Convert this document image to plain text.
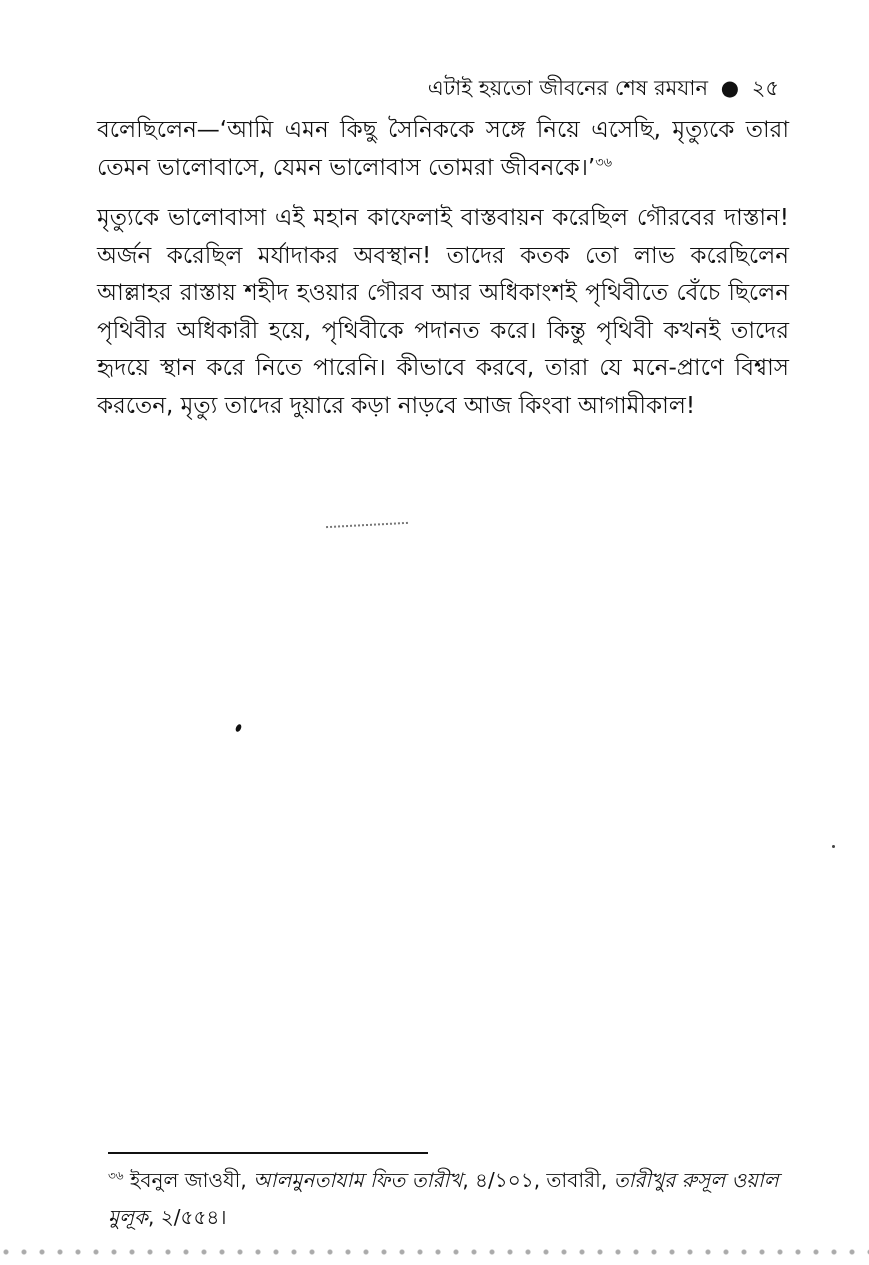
এটাই হয়তো জীবনের শেষ রমযান ● ২৫

বলেছিলেন—‘আমি এমন কিছু সৈনিককে সঙ্গে নিয়ে এসেছি, মৃত্যুকে তারা তেমন ভালোবাসে, যেমন ভালোবাস তোমরা জীবনকে।’$^{৩৬}$

মৃত্যুকে ভালোবাসা এই মহান কাফেলাই বাস্তবায়ন করেছিল গৌরবের দাস্তান! অর্জন করেছিল মর্যাদাকর অবস্থান! তাদের কতক তো লাভ করেছিলেন আল্লাহর রাস্তায় শহীদ হওয়ার গৌরব আর অধিকাংশই পৃথিবীতে বেঁচে ছিলেন পৃথিবীর অধিকারী হয়ে, পৃথিবীকে পদানত করে। কিন্তু পৃথিবী কখনই তাদের হৃদয়ে স্থান করে নিতে পারেনি। কীভাবে করবে, তারা যে মনে-প্রাণে বিশ্বাস করতেন, মৃত্যু তাদের দুয়ারে কড়া নাড়বে আজ কিংবা আগামীকাল!

$^{৩৬}$ ইবনুল জাওযী, আলমুনতাযাম ফিত তারীখ, ৪/১০১, তাবারী, তারীখুর রুসূল ওয়াল মুলূক, ২/৫৫৪।
